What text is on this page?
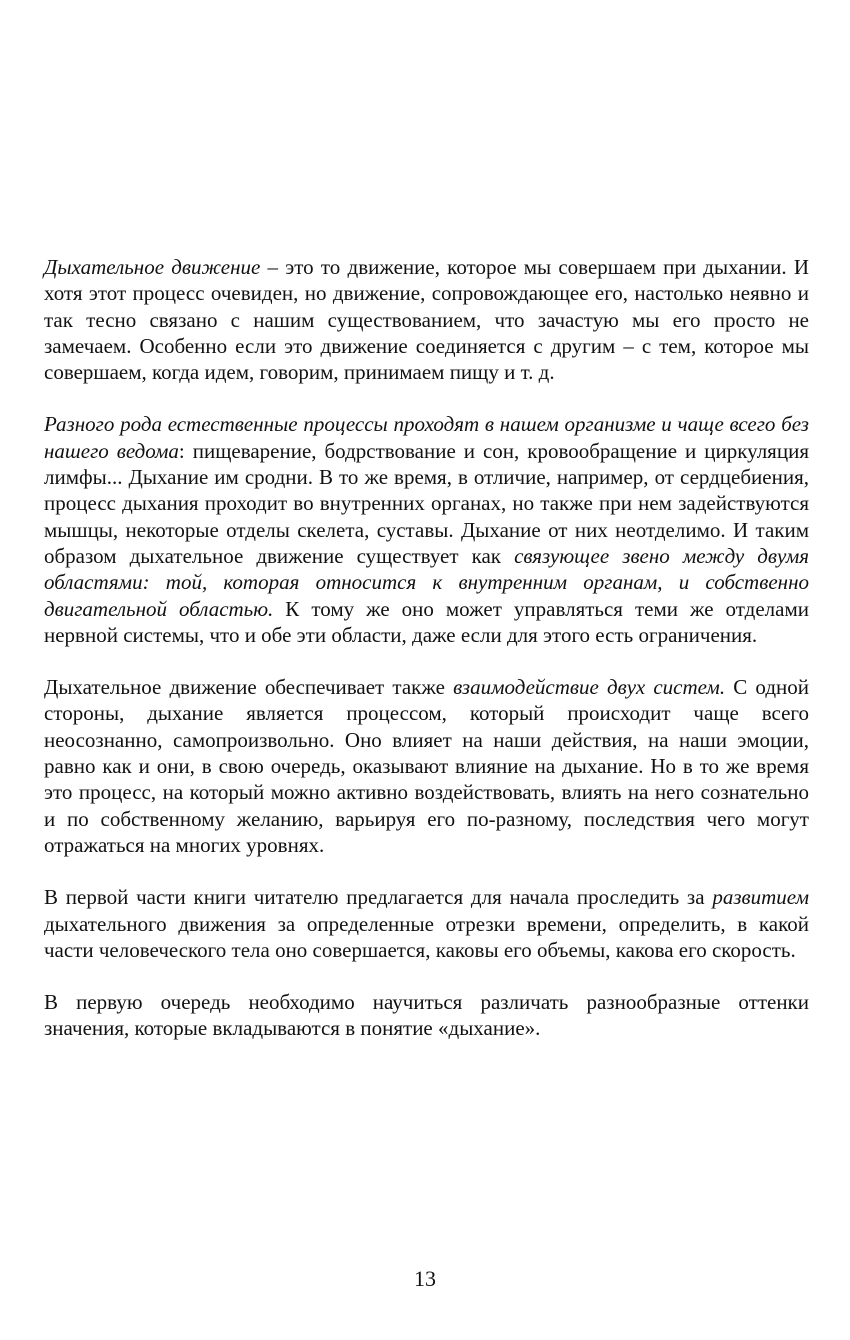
Дыхательное движение – это то движение, которое мы совершаем при дыхании. И хотя этот процесс очевиден, но движение, сопровождающее его, настолько неявно и так тесно связано с нашим существованием, что зачастую мы его просто не замечаем. Особенно если это движение соединяется с другим – с тем, которое мы совершаем, когда идем, говорим, принимаем пищу и т. д.

Разного рода естественные процессы проходят в нашем организме и чаще всего без нашего ведома: пищеварение, бодрствование и сон, кровообращение и циркуляция лимфы... Дыхание им сродни. В то же время, в отличие, например, от сердцебиения, процесс дыхания проходит во внутренних органах, но также при нем задействуются мышцы, некоторые отделы скелета, суставы. Дыхание от них неотделимо. И таким образом дыхательное движение существует как связующее звено между двумя областями: той, которая относится к внутренним органам, и собственно двигательной областью. К тому же оно может управляться теми же отделами нервной системы, что и обе эти области, даже если для этого есть ограничения.

Дыхательное движение обеспечивает также взаимодействие двух систем. С одной стороны, дыхание является процессом, который происходит чаще всего неосознанно, самопроизвольно. Оно влияет на наши действия, на наши эмоции, равно как и они, в свою очередь, оказывают влияние на дыхание. Но в то же время это процесс, на который можно активно воздействовать, влиять на него сознательно и по собственному желанию, варьируя его по-разному, последствия чего могут отражаться на многих уровнях.

В первой части книги читателю предлагается для начала проследить за развитием дыхательного движения за определенные отрезки времени, определить, в какой части человеческого тела оно совершается, каковы его объемы, какова его скорость.

В первую очередь необходимо научиться различать разнообразные оттенки значения, которые вкладываются в понятие «дыхание».

13
